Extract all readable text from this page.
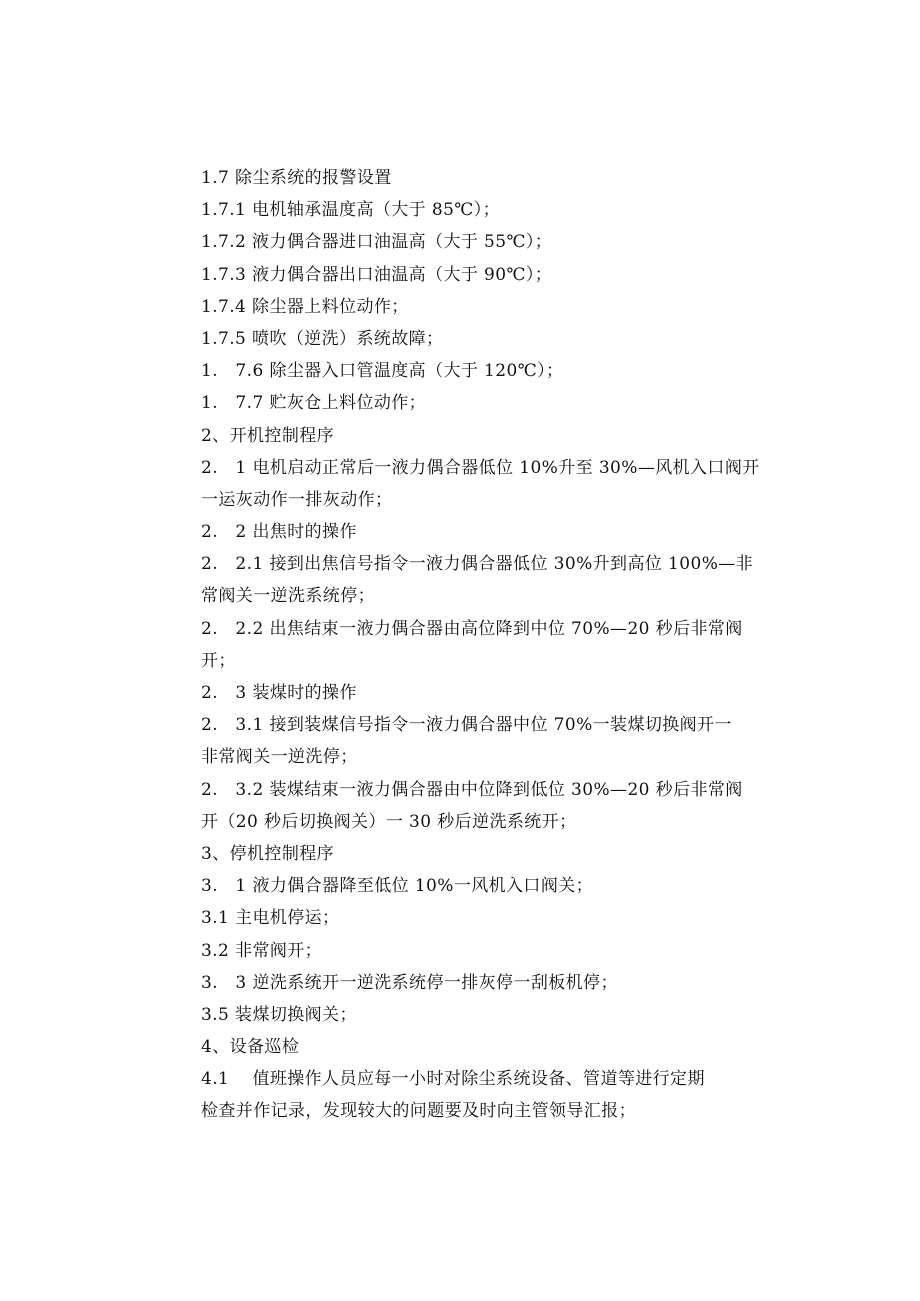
1.7 除尘系统的报警设置
1.7.1 电机轴承温度高（大于 85℃）；
1.7.2 液力偶合器进口油温高（大于 55℃）；
1.7.3 液力偶合器出口油温高（大于 90℃）；
1.7.4 除尘器上料位动作；
1.7.5 喷吹（逆洗）系统故障；
1.　7.6 除尘器入口管温度高（大于 120℃）；
1.　7.7 贮灰仓上料位动作；
2、开机控制程序
2.　1 电机启动正常后一液力偶合器低位 10%升至 30%—风机入口阀开
一运灰动作一排灰动作；
2.　2 出焦时的操作
2.　2.1 接到出焦信号指令一液力偶合器低位 30%升到高位 100%—非
常阀关一逆洗系统停；
2.　2.2 出焦结束一液力偶合器由高位降到中位 70%—20 秒后非常阀
开；
2.　3 装煤时的操作
2.　3.1 接到装煤信号指令一液力偶合器中位 70%一装煤切换阀开一
非常阀关一逆洗停；
2.　3.2 装煤结束一液力偶合器由中位降到低位 30%—20 秒后非常阀
开（20 秒后切换阀关）一 30 秒后逆洗系统开；
3、停机控制程序
3.　1 液力偶合器降至低位 10%一风机入口阀关；
3.1 主电机停运；
3.2 非常阀开；
3.　3 逆洗系统开一逆洗系统停一排灰停一刮板机停；
3.5 装煤切换阀关；
4、设备巡检
4.1　 值班操作人员应每一小时对除尘系统设备、管道等进行定期
检查并作记录，发现较大的问题要及时向主管领导汇报；
